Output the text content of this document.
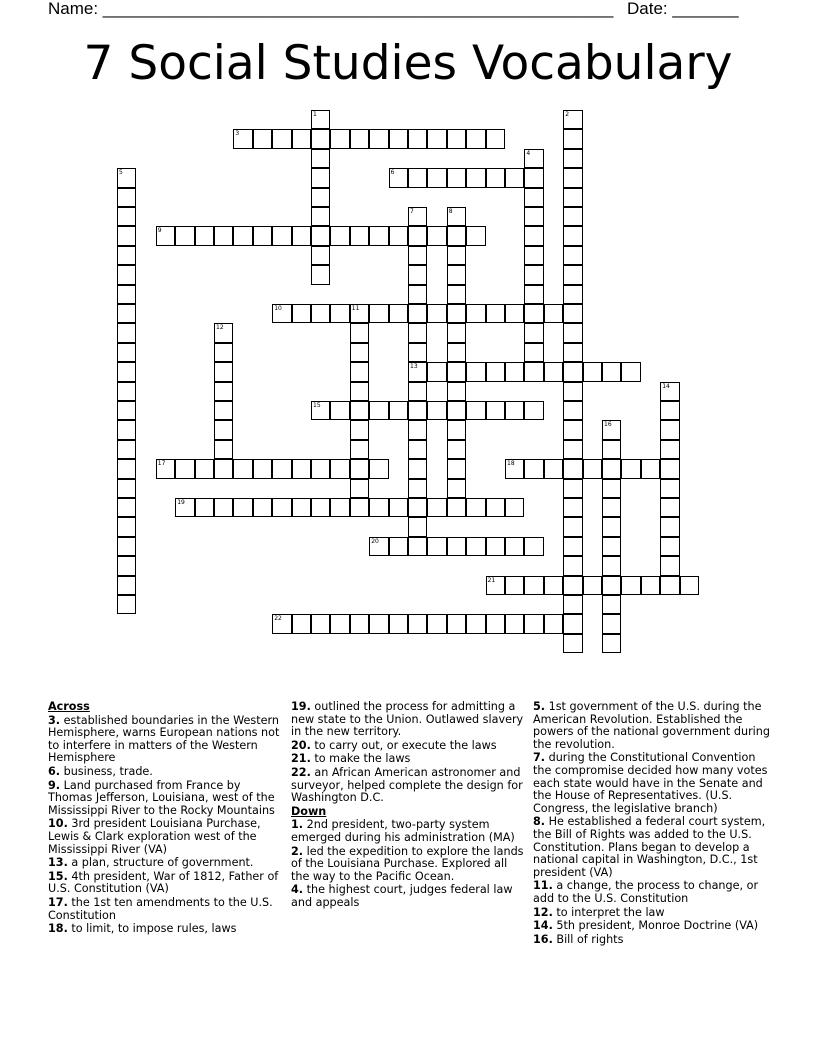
Name: ______________________________________________________ Date: _______
7 Social Studies Vocabulary
3
6
9
10	11
13
15
17	18
19
20
21
22
1	2
4
5
7	8
12
14
16
Across
3. established boundaries in the Western Hemisphere, warns European nations not to interfere in matters of the Western Hemisphere
6. business, trade.
9. Land purchased from France by Thomas Jefferson, Louisiana, west of the Mississippi River to the Rocky Mountains
10. 3rd president Louisiana Purchase, Lewis & Clark exploration west of the Mississippi River (VA)
13. a plan, structure of government.
15. 4th president, War of 1812, Father of U.S. Constitution (VA)
17. the 1st ten amendments to the U.S. Constitution
18. to limit, to impose rules, laws
19. outlined the process for admitting a new state to the Union. Outlawed slavery in the new territory.
20. to carry out, or execute the laws
21. to make the laws
22. an African American astronomer and surveyor, helped complete the design for Washington D.C.
Down
1. 2nd president, two-party system emerged during his administration (MA)
2. led the expedition to explore the lands of the Louisiana Purchase. Explored all the way to the Pacific Ocean.
4. the highest court, judges federal law and appeals
5. 1st government of the U.S. during the American Revolution. Established the powers of the national government during the revolution.
7. during the Constitutional Convention the compromise decided how many votes each state would have in the Senate and the House of Representatives. (U.S. Congress, the legislative branch)
8. He established a federal court system, the Bill of Rights was added to the U.S. Constitution. Plans began to develop a national capital in Washington, D.C., 1st president (VA)
11. a change, the process to change, or add to the U.S. Constitution
12. to interpret the law
14. 5th president, Monroe Doctrine (VA)
16. Bill of rights
